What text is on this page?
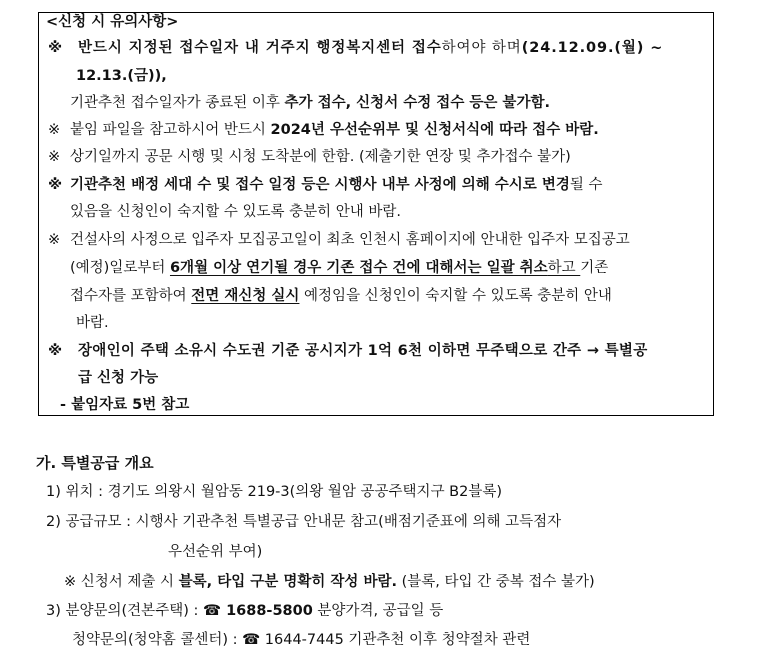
<신청 시 유의사항>
※ 반드시 지정된 접수일자 내 거주지 행정복지센터 접수하여야 하며(24.12.09.(월) ~
12.13.(금)),
기관추천 접수일자가 종료된 이후 추가 접수, 신청서 수정 접수 등은 불가함.
※ 붙임 파일을 참고하시어 반드시 2024년 우선순위부 및 신청서식에 따라 접수 바람.
※ 상기일까지 공문 시행 및 시청 도착분에 한함. (제출기한 연장 및 추가접수 불가)
※ 기관추천 배정 세대 수 및 접수 일정 등은 시행사 내부 사정에 의해 수시로 변경될 수
있음을 신청인이 숙지할 수 있도록 충분히 안내 바람.
※ 건설사의 사정으로 입주자 모집공고일이 최초 인천시 홈페이지에 안내한 입주자 모집공고
(예정)일로부터 6개월 이상 연기될 경우 기존 접수 건에 대해서는 일괄 취소하고 기존
접수자를 포함하여 전면 재신청 실시 예정임을 신청인이 숙지할 수 있도록 충분히 안내
바람.
※ 장애인이 주택 소유시 수도권 기준 공시지가 1억 6천 이하면 무주택으로 간주 → 특별공
급 신청 가능
- 붙임자료 5번 참고
가. 특별공급 개요
1) 위치 : 경기도 의왕시 월암동 219-3(의왕 월암 공공주택지구 B2블록)
2) 공급규모 : 시행사 기관추천 특별공급 안내문 참고(배점기준표에 의해 고득점자
우선순위 부여)
※ 신청서 제출 시 블록, 타입 구분 명확히 작성 바람. (블록, 타입 간 중복 접수 불가)
3) 분양문의(견본주택) : ☎ 1688-5800 분양가격, 공급일 등
청약문의(청약홈 콜센터) : ☎ 1644-7445 기관추천 이후 청약절차 관련
